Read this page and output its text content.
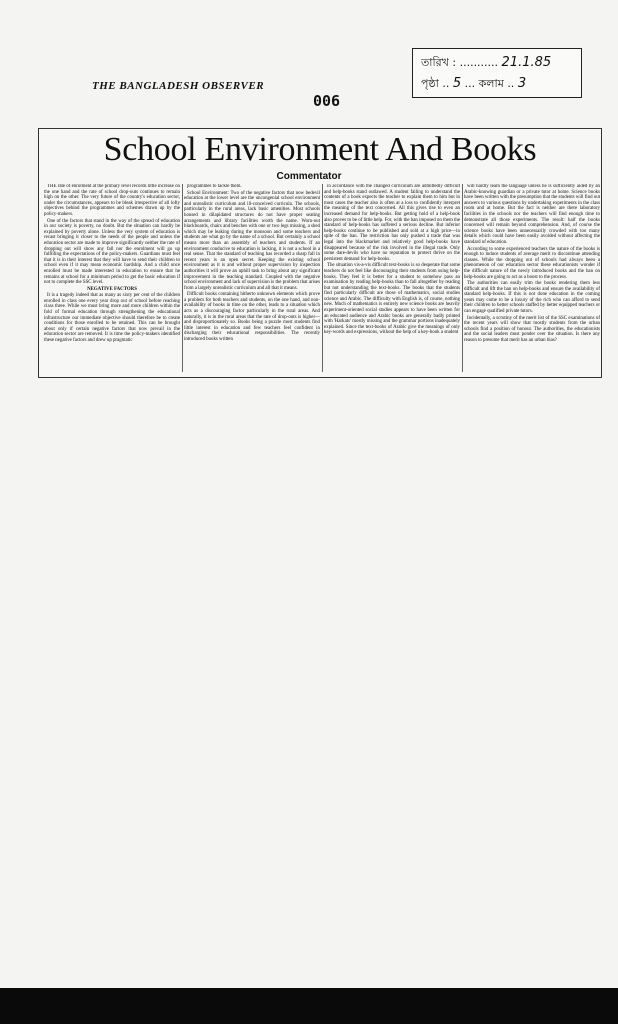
THE BANGLADESH OBSERVER
006
তারিখ : ........... 21.1.85
পৃষ্ঠা .. 5 ... কলাম .. 3
School Environment And Books
Commentator

THE rate of enrolment at the primary level records little increase on the one hand and the rate of school drop-outs continues to remain high on the other. The very future of the country's education sector, under the circumstances, appears to be bleak irrespective of all lofty objectives behind the programmes and schemes drawn up by the policy-makers.

One of the factors that stand in the way of the spread of education in our society is poverty, no doubt. But the situation can hardly be explained by poverty alone. Unless the very system of education is recast bringing it closer to the needs of the people and unless the education sector are made to improve significantly neither the rate of dropping out will show any fall nor the enrolment will go up fulfilling the expectations of the policy-makers. Guardians must feel that it is in their interest that they will have to send their children to school even if it may mean economic hardship. And a child once enrolled must be made interested in education to ensure that he remains at school for a minimum period to get the basic education if not to complete the SSC level.

NEGATIVE FACTORS

It is a tragedy indeed that as many as sixty per cent of the children enrolled in class one every year drop out of school before reaching class three. While we must bring more and more children within the fold of formal education through strengthening the educational infrastructure our immediate objective should therefore be to create conditions for those enrolled to be retained. This can be brought about only if certain negative factors that now prevail in the education sector are removed. It is time the policy-makers identified these negative factors and drew up pragmatic

programmes to tackle them.

School Environment: Two of the negative factors that now bedevil education at the lower level are the uncongenial school environment and unrealistic curriculum and ill-conceived curricula. The schools, particularly in the rural areas, lack basic amenities. Most schools housed in dilapidated structures do not have proper seating arrangements and library facilities worth the name. Worn-out blackboards, chairs and benches with one or two legs missing, a shed which may be leaking during the monsoon and some teachers and students are what go by the name of a school. But certainly a school means more than an assembly of teachers and students. If an environment conducive to education is lacking, it is not a school in a real sense. That the standard of teaching has recorded a sharp fall in recent years is an open secret. Keeping the existing school environment as it is and without proper supervision by inspection authorities it will prove an uphill task to bring about any significant improvement in the teaching standard. Coupled with the negative school environment and lack of supervision is the problem that arises from a largely unrealistic curriculum and all that it means.

Difficult books containing hitherto unknown elements which prove a problem for both teachers and students, on the one hand, and non-availability of books in time on the other, leads to a situation which acts as a discouraging factor particularly in the rural areas. And naturally, it is in the rural areas that the rate of drop-outs is higher—and disproportionately so. Books being a puzzle most students find little interest in education and few teachers feel confident in discharging their educational responsibilities. The recently introduced books written

in accordance with the changed curriculum are admittedly difficult and help-books stand outlawed. A student failing to understand the contents of a book expects the teacher to explain them to him but in most cases the teacher also is often at a loss to confidently interpret the meaning of the text concerned. All this gives rise to even an increased demand for help-books. But getting hold of a help-book also proves to be of little help. For, with the ban imposed on them the standard of help-books has suffered a serious decline. But inferior help-books continue to be published and sold at a high price—in spite of the ban. The restriction has only pushed a trade that was legal into the blackmarket and relatively good help-books have disappeared because of the risk involved in the illegal trade. Only some dare-devils who have no reputation to protect thrive on the persistent demand for help-books.

The situation vis-a-vis difficult text-books is so desperate that some teachers do not feel like discouraging their students from using help-books. They feel it is better for a student to somehow pass an examination by reading help-books than to fall altogether by reading but not understanding the text-books. The books that the students find particularly difficult are those of mathematics, social studies science and Arabic. The difficulty with English is, of course, nothing new. Much of mathematics is entirely new science books are heavily experiment-oriented social studies appears to have been written for an educated audience and Arabic books are generally badly printed with 'Harkats' mostly missing and the grammar portions inadequately explained. Since the text-books of Arabic give the meanings of only key-words and expressions, without the help of a key-book a student

will hardly learn the language unless he is sufficiently aided by an Arabic-knowing guardian or a private tutor at home. Science books have been written with the presumption that the students will find out answers to various questions by undertaking experiments in the class room and at home. But the fact is neither are there laboratory facilities in the schools nor the teachers will find enough time to demonstrate all those experiments. The result: half the books concerned will remain beyond comprehension. And, of course the science books have been unnecessarily crowded with too many details which could have been easily avoided without affecting the standard of education.

According to some experienced teachers the nature of the books is enough to induce students of average merit to discontinue attending classes. While the dropping out of schools had always been a phenomenon of our education sector these educationists wonder if the difficult nature of the newly introduced books and the ban on help-books are going to act as a boost to the process.

The authorities can easily trim the books rendering them less difficult and lift the ban on help-books and ensure the availability of standard help-books. If this is not done education in the coming years may come to be a luxury of the rich who can afford to send their children to better schools staffed by better equipped teachers or can engage qualified private tutors.

Incidentally, a scrutiny of the merit list of the SSC examinations of the recent years will show that mostly students from the urban schools find a position of honour. The authorities, the educationists and the social leaders must ponder over the situation. Is there any reason to presume that merit has an urban bias?
